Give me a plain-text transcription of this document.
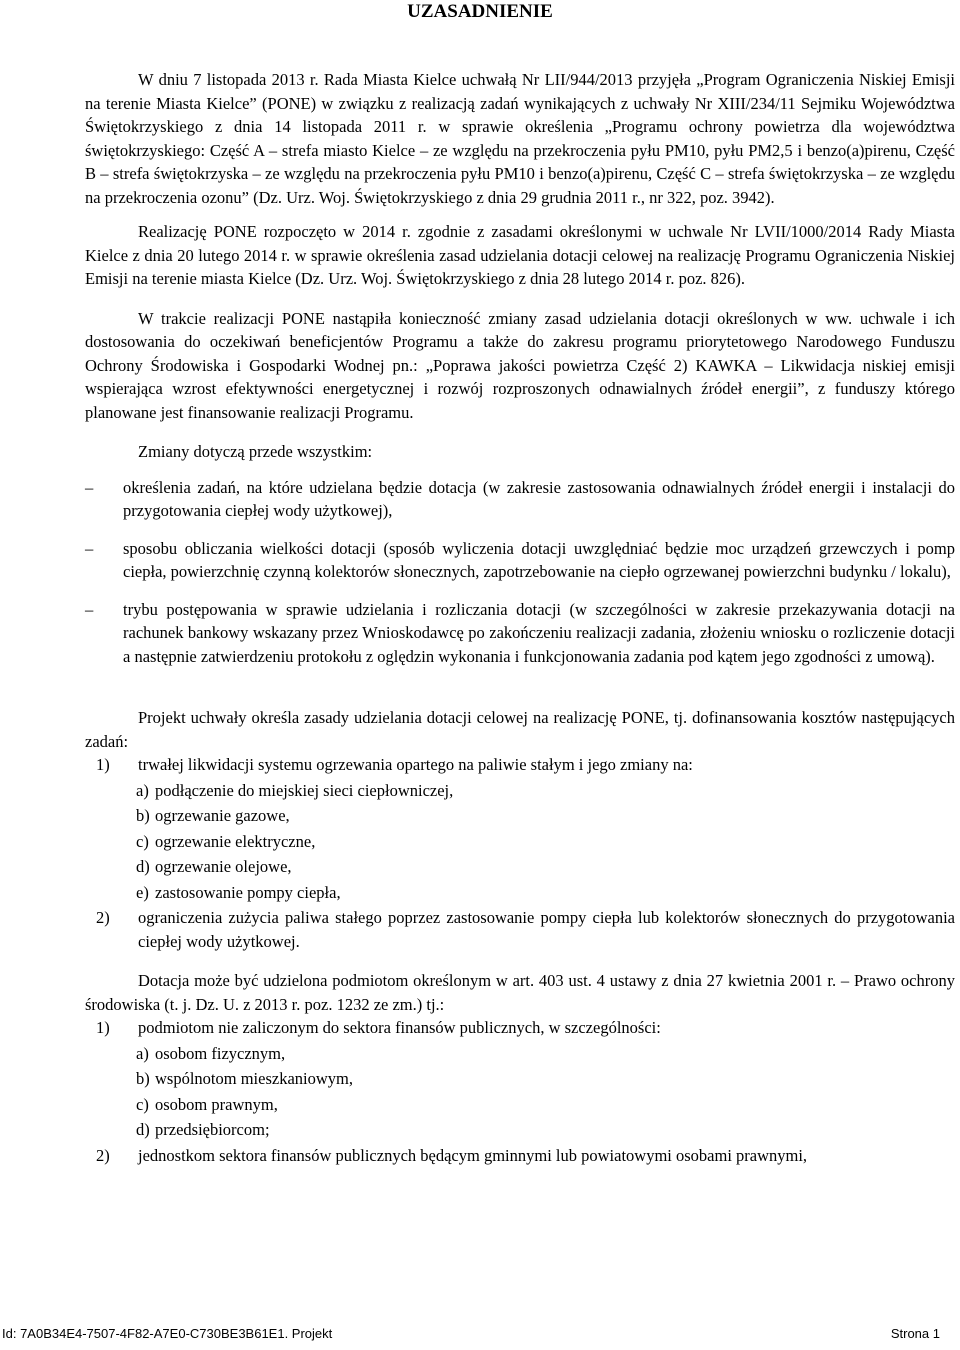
UZASADNIENIE

W dniu 7 listopada 2013 r. Rada Miasta Kielce uchwałą Nr LII/944/2013 przyjęła „Program Ograniczenia Niskiej Emisji na terenie Miasta Kielce” (PONE) w związku z realizacją zadań wynikających z uchwały Nr XIII/234/11 Sejmiku Województwa Świętokrzyskiego z dnia 14 listopada 2011 r. w sprawie określenia „Programu ochrony powietrza dla województwa świętokrzyskiego: Część A – strefa miasto Kielce – ze względu na przekroczenia pyłu PM10, pyłu PM2,5 i benzo(a)pirenu, Część B – strefa świętokrzyska – ze względu na przekroczenia pyłu PM10 i benzo(a)pirenu, Część C – strefa świętokrzyska – ze względu na przekroczenia ozonu” (Dz. Urz. Woj. Świętokrzyskiego z dnia 29 grudnia 2011 r., nr 322, poz. 3942).

Realizację PONE rozpoczęto w 2014 r. zgodnie z zasadami określonymi w uchwale Nr LVII/1000/2014 Rady Miasta Kielce z dnia 20 lutego 2014 r. w sprawie określenia zasad udzielania dotacji celowej na realizację Programu Ograniczenia Niskiej Emisji na terenie miasta Kielce (Dz. Urz. Woj. Świętokrzyskiego z dnia 28 lutego 2014 r. poz. 826).

W trakcie realizacji PONE nastąpiła konieczność zmiany zasad udzielania dotacji określonych w ww. uchwale i ich dostosowania do oczekiwań beneficjentów Programu a także do zakresu programu priorytetowego Narodowego Funduszu Ochrony Środowiska i Gospodarki Wodnej pn.: „Poprawa jakości powietrza Część 2) KAWKA – Likwidacja niskiej emisji wspierająca wzrost efektywności energetycznej i rozwój rozproszonych odnawialnych źródeł energii”, z funduszy którego planowane jest finansowanie realizacji Programu.

Zmiany dotyczą przede wszystkim:

– określenia zadań, na które udzielana będzie dotacja (w zakresie zastosowania odnawialnych źródeł energii i instalacji do przygotowania ciepłej wody użytkowej),
– sposobu obliczania wielkości dotacji (sposób wyliczenia dotacji uwzględniać będzie moc urządzeń grzewczych i pomp ciepła, powierzchnię czynną kolektorów słonecznych, zapotrzebowanie na ciepło ogrzewanej powierzchni budynku / lokalu),
– trybu postępowania w sprawie udzielania i rozliczania dotacji (w szczególności w zakresie przekazywania dotacji na rachunek bankowy wskazany przez Wnioskodawcę po zakończeniu realizacji zadania, złożeniu wniosku o rozliczenie dotacji a następnie zatwierdzeniu protokołu z oględzin wykonania i funkcjonowania zadania pod kątem jego zgodności z umową).

Projekt uchwały określa zasady udzielania dotacji celowej na realizację PONE, tj. dofinansowania kosztów następujących zadań:

1) trwałej likwidacji systemu ogrzewania opartego na paliwie stałym i jego zmiany na:
a) podłączenie do miejskiej sieci ciepłowniczej,
b) ogrzewanie gazowe,
c) ogrzewanie elektryczne,
d) ogrzewanie olejowe,
e) zastosowanie pompy ciepła,
2) ograniczenia zużycia paliwa stałego poprzez zastosowanie pompy ciepła lub kolektorów słonecznych do przygotowania ciepłej wody użytkowej.

Dotacja może być udzielona podmiotom określonym w art. 403 ust. 4 ustawy z dnia 27 kwietnia 2001 r. – Prawo ochrony środowiska (t. j. Dz. U. z 2013 r. poz. 1232 ze zm.) tj.:

1) podmiotom nie zaliczonym do sektora finansów publicznych, w szczególności:
a) osobom fizycznym,
b) wspólnotom mieszkaniowym,
c) osobom prawnym,
d) przedsiębiorcom;
2) jednostkom sektora finansów publicznych będącym gminnymi lub powiatowymi osobami prawnymi,
Id: 7A0B34E4-7507-4F82-A7E0-C730BE3B61E1. Projekt	Strona 1
